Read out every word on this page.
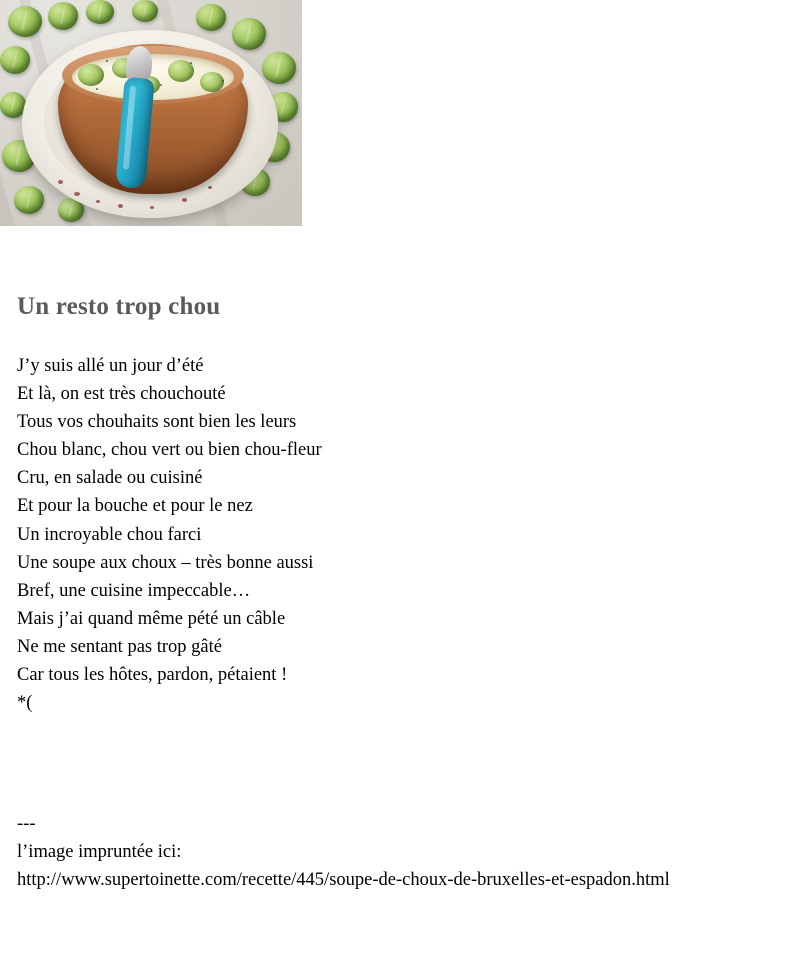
Un resto trop chou
J’y suis allé un jour d’été
Et là, on est très chouchouté
Tous vos chouhaits sont bien les leurs
Chou blanc, chou vert ou bien chou-fleur
Cru, en salade ou cuisiné
Et pour la bouche et pour le nez
Un incroyable chou farci
Une soupe aux choux – très bonne aussi
Bref, une cuisine impeccable…
Mais j’ai quand même pété un câble
Ne me sentant pas trop gâté
Car tous les hôtes, pardon, pétaient !
*(
---
l’image impruntée ici:
http://www.supertoinette.com/recette/445/soupe-de-choux-de-bruxelles-et-espadon.html
